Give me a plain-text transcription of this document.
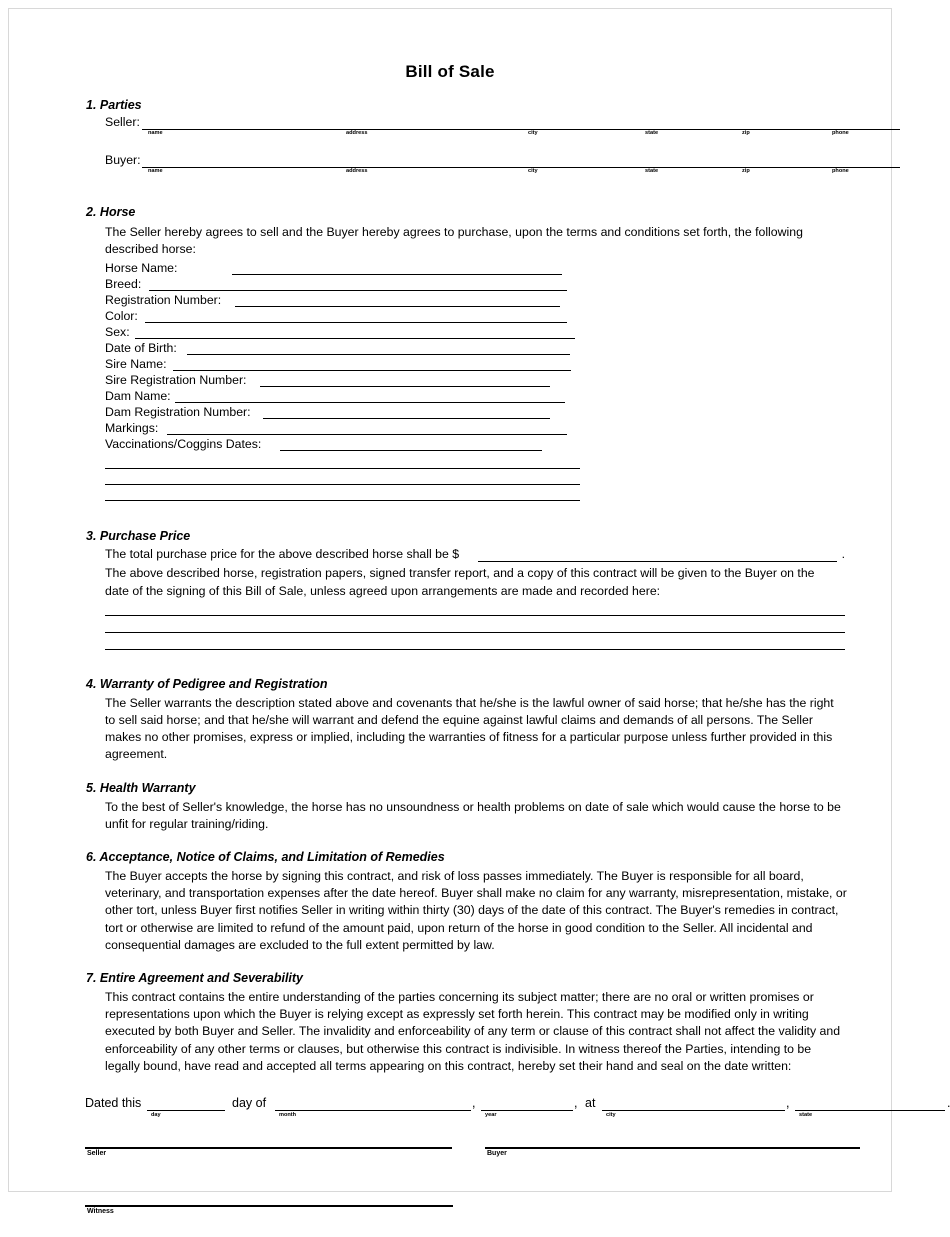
Bill of Sale
1. Parties
Seller:
name	address	city	state	zip	phone
Buyer:
name	address	city	state	zip	phone
2. Horse
The Seller hereby agrees to sell and the Buyer hereby agrees to purchase, upon the terms and conditions set forth, the following described horse:
Horse Name:
Breed:
Registration Number:
Color:
Sex:
Date of Birth:
Sire Name:
Sire Registration Number:
Dam Name:
Dam Registration Number:
Markings:
Vaccinations/Coggins Dates:
3. Purchase Price
The total purchase price for the above described horse shall be $	.
The above described horse, registration papers, signed transfer report, and a copy of this contract will be given to the Buyer on the date of the signing of this Bill of Sale, unless agreed upon arrangements are made and recorded here:
4. Warranty of Pedigree and Registration
The Seller warrants the description stated above and covenants that he/she is the lawful owner of said horse; that he/she has the right to sell said horse; and that he/she will warrant and defend the equine against lawful claims and demands of all persons. The Seller makes no other promises, express or implied, including the warranties of fitness for a particular purpose unless further provided in this agreement.
5. Health Warranty
To the best of Seller's knowledge, the horse has no unsoundness or health problems on date of sale which would cause the horse to be unfit for regular training/riding.
6. Acceptance, Notice of Claims, and Limitation of Remedies
The Buyer accepts the horse by signing this contract, and risk of loss passes immediately. The Buyer is responsible for all board, veterinary, and transportation expenses after the date hereof. Buyer shall make no claim for any warranty, misrepresentation, mistake, or other tort, unless Buyer first notifies Seller in writing within thirty (30) days of the date of this contract. The Buyer's remedies in contract, tort or otherwise are limited to refund of the amount paid, upon return of the horse in good condition to the Seller. All incidental and consequential damages are excluded to the full extent permitted by law.
7. Entire Agreement and Severability
This contract contains the entire understanding of the parties concerning its subject matter; there are no oral or written promises or representations upon which the Buyer is relying except as expressly set forth herein. This contract may be modified only in writing executed by both Buyer and Seller. The invalidity and enforceability of any term or clause of this contract shall not affect the validity and enforceability of any other terms or clauses, but otherwise this contract is indivisible. In witness thereof the Parties, intending to be legally bound, have read and accepted all terms appearing on this contract, hereby set their hand and seal on the date written:
Dated this
day
day of
month
,
year
, at
city
,
state
Seller	Buyer
Witness
